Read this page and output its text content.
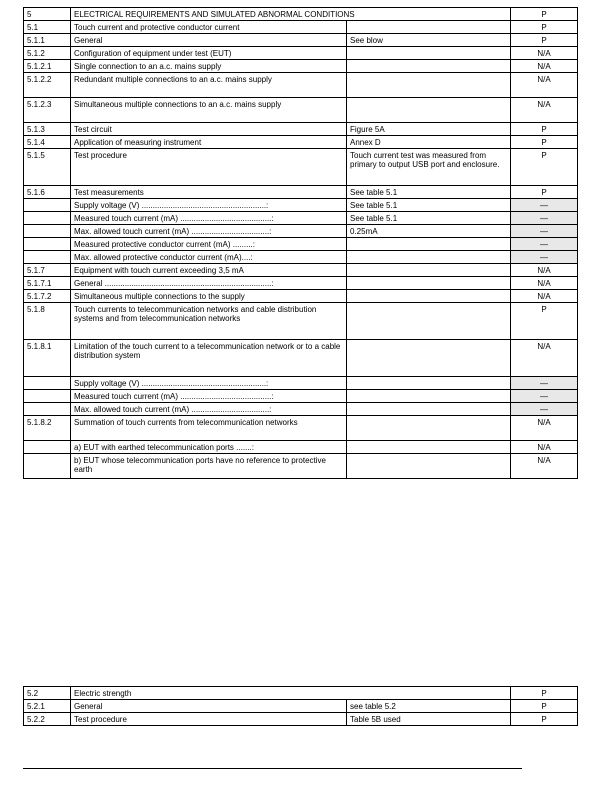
5	ELECTRICAL REQUIREMENTS AND SIMULATED ABNORMAL CONDITIONS		P
5.1	Touch current and protective conductor current		P
5.1.1	General	See blow	P
5.1.2	Configuration of equipment under test (EUT)		N/A
5.1.2.1	Single connection to an a.c. mains supply		N/A
5.1.2.2	Redundant multiple connections to an a.c. mains supply		N/A
5.1.2.3	Simultaneous multiple connections to an a.c. mains supply		N/A
5.1.3	Test circuit	Figure 5A	P
5.1.4	Application of measuring instrument	Annex D	P
5.1.5	Test procedure	Touch current test was measured from primary to output USB port and enclosure.	P
5.1.6	Test measurements	See table 5.1	P
	Supply voltage (V) ........................................................:	See table 5.1	—
	Measured touch current (mA) .........................................:	See table 5.1	—
	Max. allowed touch current (mA) ...................................:	0.25mA	—
	Measured protective conductor current (mA) .........:		—
	Max. allowed protective conductor current (mA)....:		—
5.1.7	Equipment with touch current exceeding 3,5 mA		N/A
5.1.7.1	General ...........................................................................:		N/A
5.1.7.2	Simultaneous multiple connections to the supply		N/A
5.1.8	Touch currents to telecommunication networks and cable distribution systems and from telecommunication networks		P
5.1.8.1	Limitation of the touch current to a telecommunication network or to a cable distribution system		N/A
	Supply voltage (V) ........................................................:		—
	Measured touch current (mA) .........................................:		—
	Max. allowed touch current (mA) ...................................:		—
5.1.8.2	Summation of touch currents from telecommunication networks		N/A
	a) EUT with earthed telecommunication ports .......:		N/A
	b) EUT whose telecommunication ports have no reference to protective earth		N/A
5.2	Electric strength		P
5.2.1	General	see table 5.2	P
5.2.2	Test procedure	Table 5B used	P
